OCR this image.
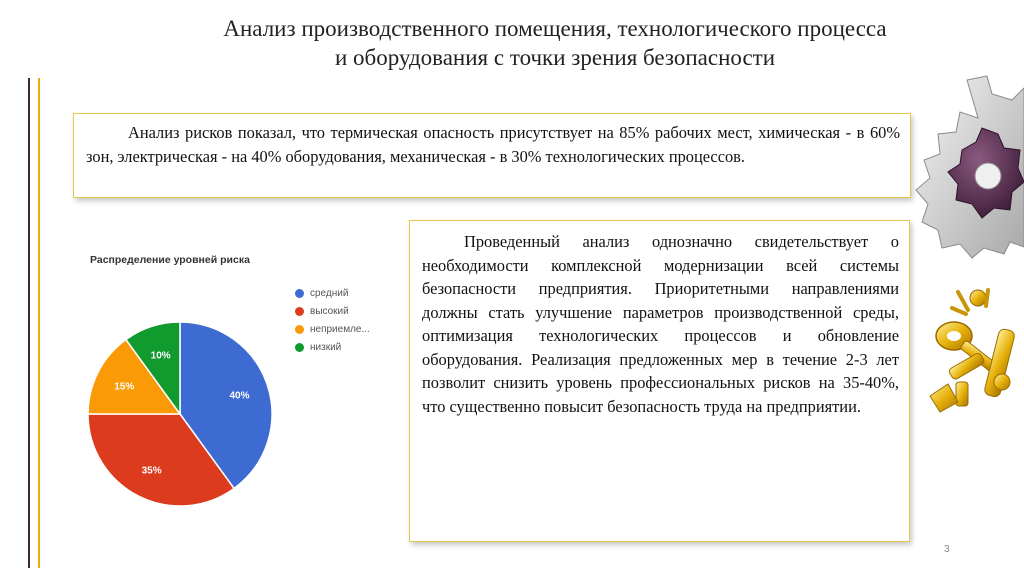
Анализ производственного помещения, технологического процесса
и оборудования с точки зрения безопасности

Анализ рисков показал, что термическая опасность присутствует на 85% рабочих мест, химическая - в 60% зон, электрическая - на 40% оборудования, механическая - в 30% технологических процессов.

Распределение уровней риска
средний
высокий
неприемле...
низкий
40%
35%
15%
10%

Проведенный анализ однозначно свидетельствует о необходимости комплексной модернизации всей системы безопасности предприятия. Приоритетными направлениями должны стать улучшение параметров производственной среды, оптимизация технологических процессов и обновление оборудования. Реализация предложенных мер в течение 2-3 лет позволит снизить уровень профессиональных рисков на 35-40%, что существенно повысит безопасность труда на предприятии.

3
